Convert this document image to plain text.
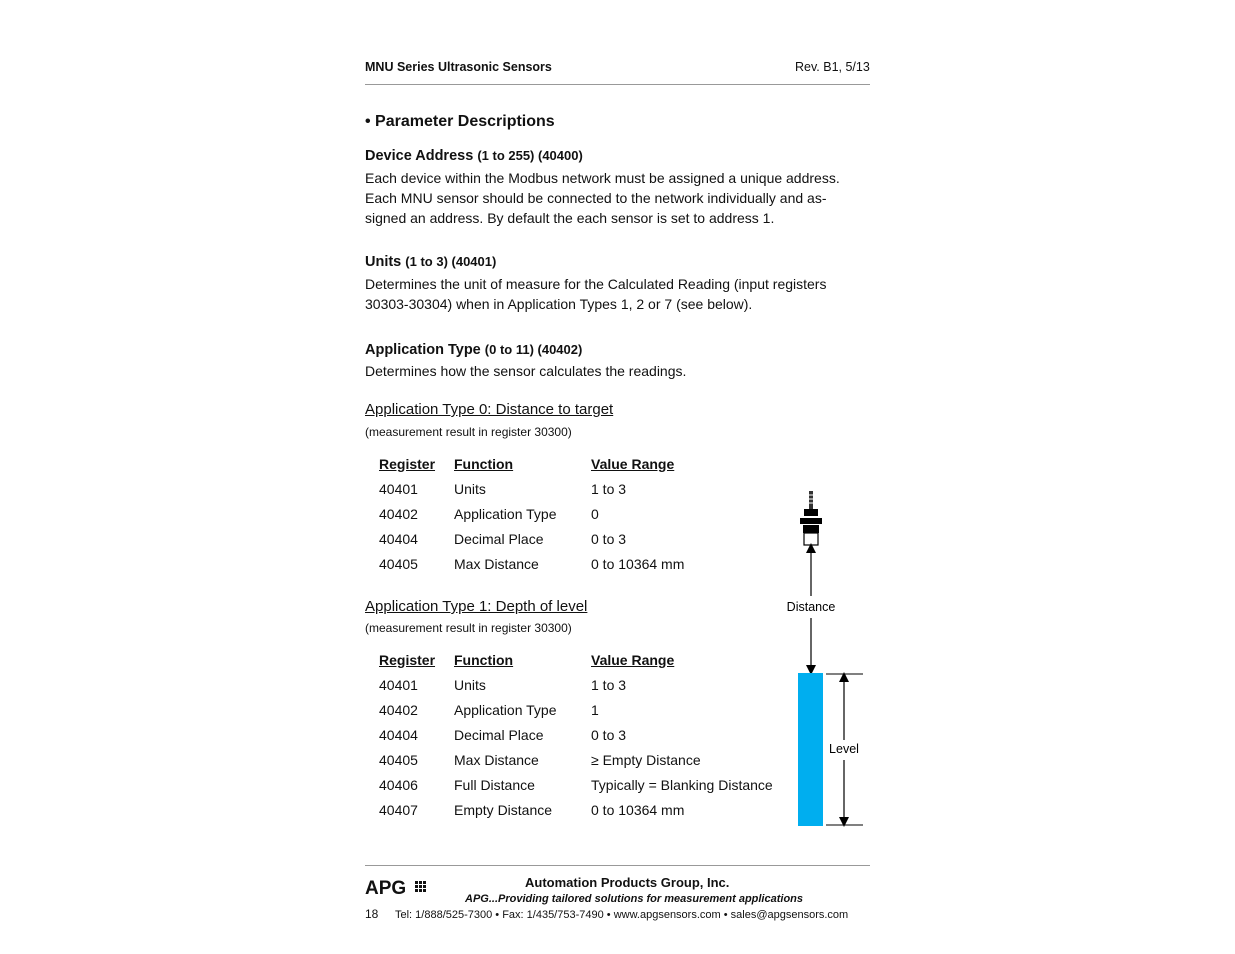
MNU Series Ultrasonic Sensors	Rev. B1, 5/13
• Parameter Descriptions
Device Address (1 to 255) (40400)
Each device within the Modbus network must be assigned a unique address.
Each MNU sensor should be connected to the network individually and as-
signed an address. By default the each sensor is set to address 1.
Units (1 to 3) (40401)
Determines the unit of measure for the Calculated Reading (input registers
30303-30304) when in Application Types 1, 2 or 7 (see below).
Application Type (0 to 11) (40402)
Determines how the sensor calculates the readings.
Application Type 0: Distance to target
(measurement result in register 30300)
Register	Function	Value Range
40401	Units	1 to 3
40402	Application Type	0
40404	Decimal Place	0 to 3
40405	Max Distance	0 to 10364 mm
Application Type 1: Depth of level
(measurement result in register 30300)
Register	Function	Value Range
40401	Units	1 to 3
40402	Application Type	1
40404	Decimal Place	0 to 3
40405	Max Distance	≥ Empty Distance
40406	Full Distance	Typically = Blanking Distance
40407	Empty Distance	0 to 10364 mm
Distance
Level
APG	Automation Products Group, Inc.
APG...Providing tailored solutions for measurement applications
18 Tel: 1/888/525-7300 • Fax: 1/435/753-7490 • www.apgsensors.com • sales@apgsensors.com
